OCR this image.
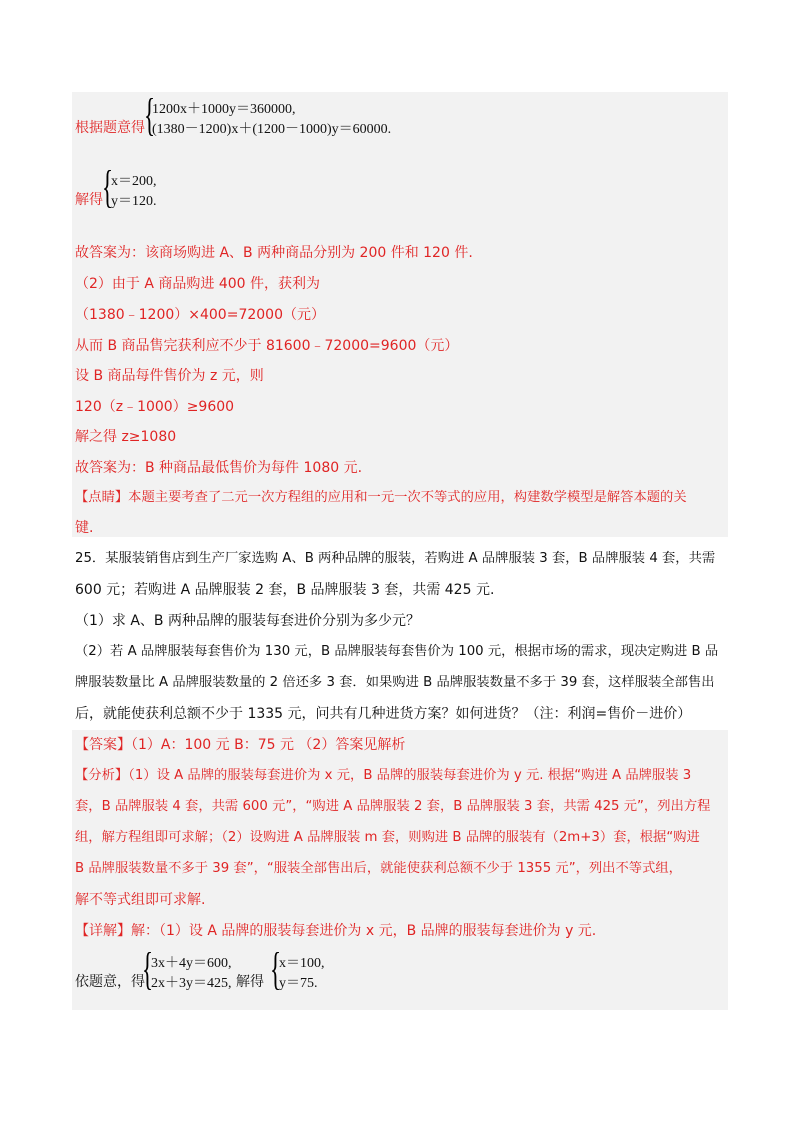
根据题意得 {
1200x＋1000y＝360000,
(1380－1200)x＋(1200－1000)y＝60000.
解得 {
x＝200,
y＝120.
故答案为：该商场购进 A、B 两种商品分别为 200 件和 120 件.
（2）由于 A 商品购进 400 件，获利为
（1380﹣1200）×400=72000（元）
从而 B 商品售完获利应不少于 81600﹣72000=9600（元）
设 B 商品每件售价为 z 元，则
120（z﹣1000）≥9600
解之得 z≥1080
故答案为：B 种商品最低售价为每件 1080 元.
【点睛】本题主要考查了二元一次方程组的应用和一元一次不等式的应用，构建数学模型是解答本题的关
键.
25．某服装销售店到生产厂家选购 A、B 两种品牌的服装，若购进 A 品牌服装 3 套，B 品牌服装 4 套，共需
600 元；若购进 A 品牌服装 2 套，B 品牌服装 3 套，共需 425 元.
（1）求 A、B 两种品牌的服装每套进价分别为多少元？
（2）若 A 品牌服装每套售价为 130 元，B 品牌服装每套售价为 100 元，根据市场的需求，现决定购进 B 品
牌服装数量比 A 品牌服装数量的 2 倍还多 3 套．如果购进 B 品牌服装数量不多于 39 套，这样服装全部售出
后，就能使获利总额不少于 1335 元，问共有几种进货方案？如何进货？（注：利润=售价－进价）
【答案】（1）A：100 元 B：75 元 （2）答案见解析
【分析】（1）设 A 品牌的服装每套进价为 x 元，B 品牌的服装每套进价为 y 元. 根据“购进 A 品牌服装 3
套，B 品牌服装 4 套，共需 600 元”，“购进 A 品牌服装 2 套，B 品牌服装 3 套，共需 425 元”，列出方程
组，解方程组即可求解；（2）设购进 A 品牌服装 m 套，则购进 B 品牌的服装有（2m+3）套，根据“购进
B 品牌服装数量不多于 39 套”，“服装全部售出后，就能使获利总额不少于 1355 元”，列出不等式组，
解不等式组即可求解.
【详解】解：（1）设 A 品牌的服装每套进价为 x 元，B 品牌的服装每套进价为 y 元.
依题意，得
{
3x＋4y＝600,
2x＋3y＝425, 解得 {
x＝100,
y＝75.
